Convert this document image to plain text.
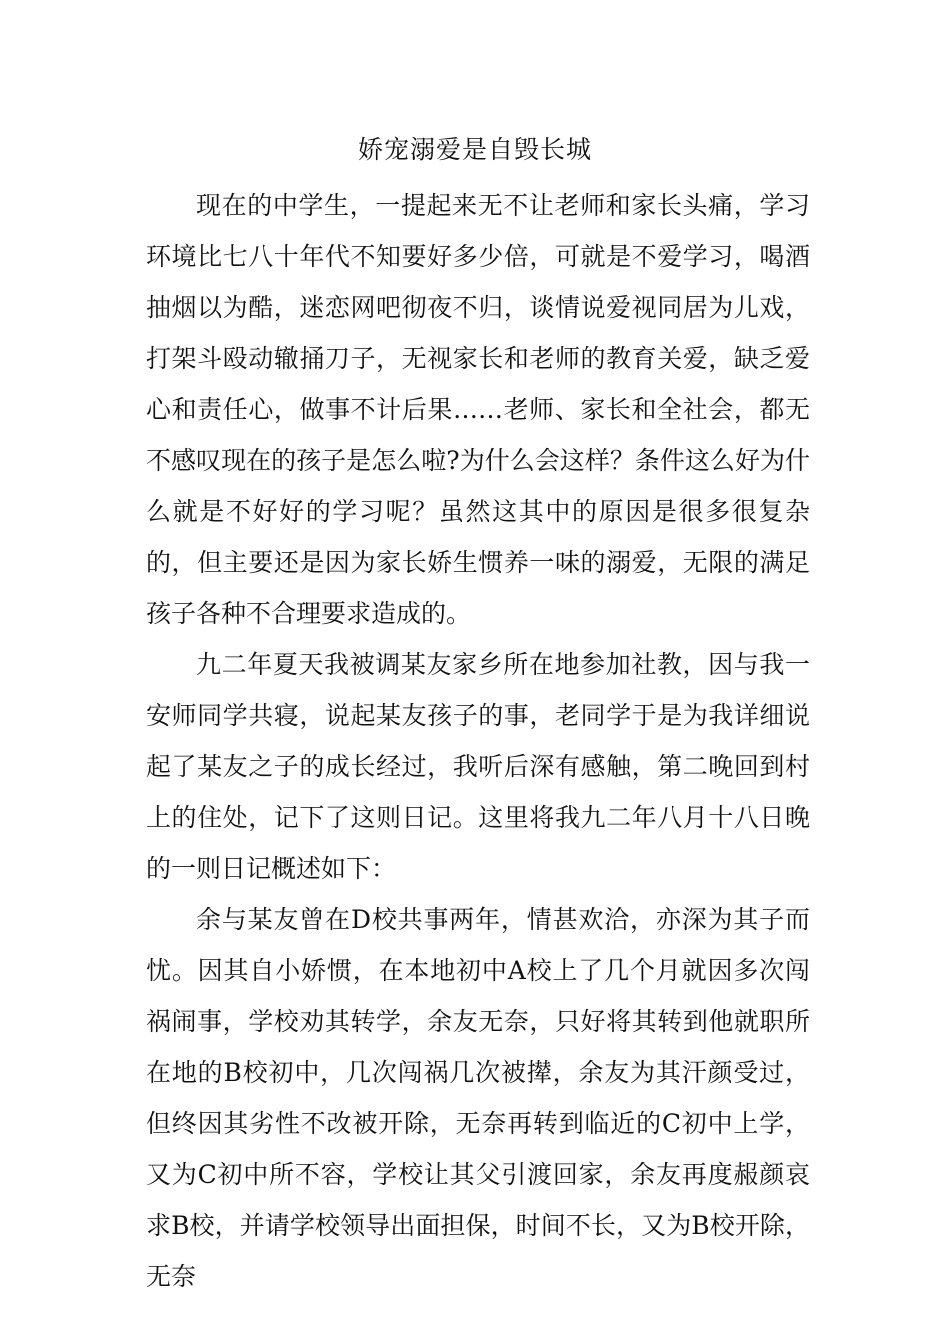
娇宠溺爱是自毁长城

现在的中学生，一提起来无不让老师和家长头痛，学习环境比七八十年代不知要好多少倍，可就是不爱学习，喝酒抽烟以为酷，迷恋网吧彻夜不归，谈情说爱视同居为儿戏，打架斗殴动辙捅刀子，无视家长和老师的教育关爱，缺乏爱心和责任心，做事不计后果……老师、家长和全社会，都无不感叹现在的孩子是怎么啦?为什么会这样？条件这么好为什么就是不好好的学习呢？虽然这其中的原因是很多很复杂的，但主要还是因为家长娇生惯养一味的溺爱，无限的满足孩子各种不合理要求造成的。

九二年夏天我被调某友家乡所在地参加社教，因与我一安师同学共寝，说起某友孩子的事，老同学于是为我详细说起了某友之子的成长经过，我听后深有感触，第二晚回到村上的住处，记下了这则日记。这里将我九二年八月十八日晚的一则日记概述如下：

余与某友曾在D校共事两年，情甚欢洽，亦深为其子而忧。因其自小娇惯，在本地初中A校上了几个月就因多次闯祸闹事，学校劝其转学，余友无奈，只好将其转到他就职所在地的B校初中，几次闯祸几次被撵，余友为其汗颜受过，但终因其劣性不改被开除，无奈再转到临近的C初中上学，又为C初中所不容，学校让其父引渡回家，余友再度赧颜哀求B校，并请学校领导出面担保，时间不长，又为B校开除，无奈
